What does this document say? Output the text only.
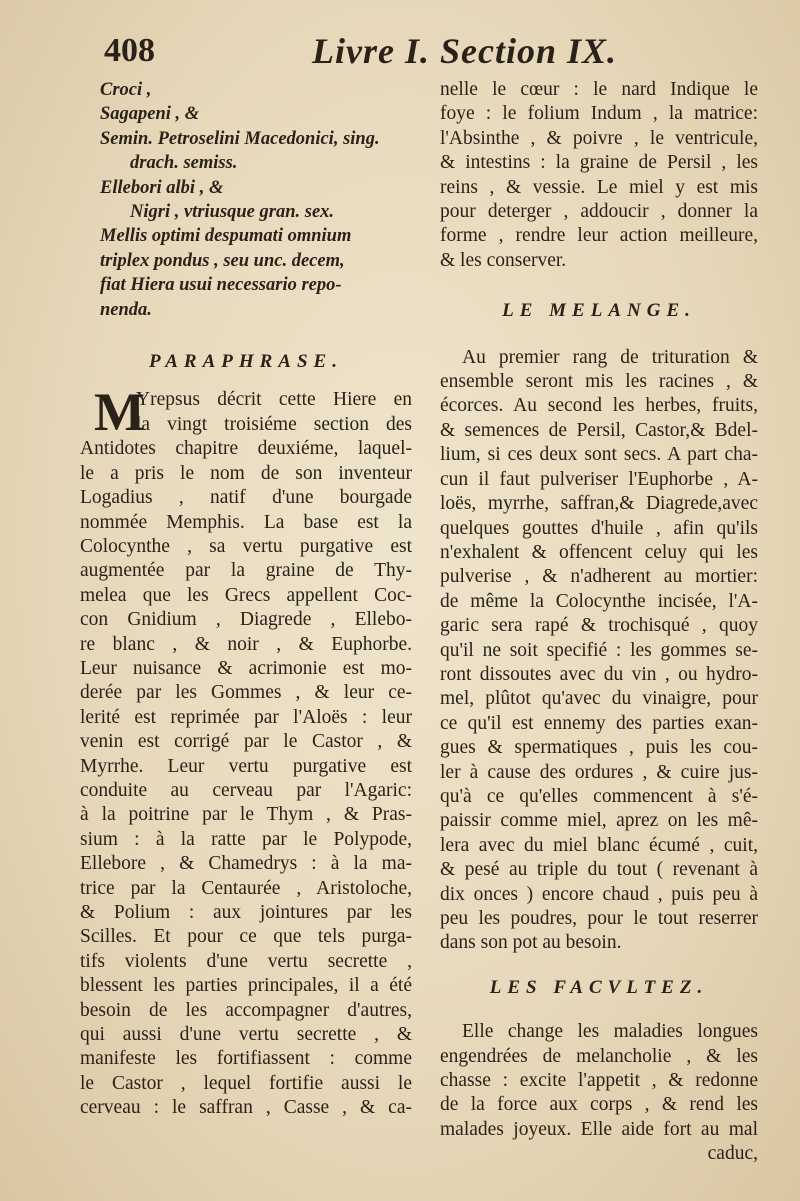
408	Livre I. Section IX.
Croci ,
Sagapeni , &
Semin. Petroselini Macedonici, sing.
drach. semiss.
Ellebori albi , &
Nigri , vtriusque gran. sex.
Mellis optimi despumati omnium
triplex pondus , seu unc. decem,
fiat Hiera usui necessario repo-
nenda.
PARAPHRASE.
M
Yrepsus décrit cette Hiere en
la vingt troisiéme section des
Antidotes chapitre deuxiéme, laquel-
le a pris le nom de son inventeur
Logadius , natif d'une bourgade
nommée Memphis. La base est la
Colocynthe , sa vertu purgative est
augmentée par la graine de Thy-
melea que les Grecs appellent Coc-
con Gnidium , Diagrede , Ellebo-
re blanc , & noir , & Euphorbe.
Leur nuisance & acrimonie est mo-
derée par les Gommes , & leur ce-
lerité est reprimée par l'Aloës : leur
venin est corrigé par le Castor , &
Myrrhe. Leur vertu purgative est
conduite au cerveau par l'Agaric:
à la poitrine par le Thym , & Pras-
sium : à la ratte par le Polypode,
Ellebore , & Chamedrys : à la ma-
trice par la Centaurée , Aristoloche,
& Polium : aux jointures par les
Scilles. Et pour ce que tels purga-
tifs violents d'une vertu secrette ,
blessent les parties principales, il a été
besoin de les accompagner d'autres,
qui aussi d'une vertu secrette , &
manifeste les fortifiassent : comme
le Castor , lequel fortifie aussi le
cerveau : le saffran , Casse , & ca-
nelle le cœur : le nard Indique le
foye : le folium Indum , la matrice:
l'Absinthe , & poivre , le ventricule,
& intestins : la graine de Persil , les
reins , & vessie. Le miel y est mis
pour deterger , addoucir , donner la
forme , rendre leur action meilleure,
& les conserver.
LE MELANGE.
Au premier rang de trituration &
ensemble seront mis les racines , &
écorces. Au second les herbes, fruits,
& semences de Persil, Castor,& Bdel-
lium, si ces deux sont secs. A part cha-
cun il faut pulveriser l'Euphorbe , A-
loës, myrrhe, saffran,& Diagrede,avec
quelques gouttes d'huile , afin qu'ils
n'exhalent & offencent celuy qui les
pulverise , & n'adherent au mortier:
de même la Colocynthe incisée, l'A-
garic sera rapé & trochisqué , quoy
qu'il ne soit specifié : les gommes se-
ront dissoutes avec du vin , ou hydro-
mel, plûtot qu'avec du vinaigre, pour
ce qu'il est ennemy des parties exan-
gues & spermatiques , puis les cou-
ler à cause des ordures , & cuire jus-
qu'à ce qu'elles commencent à s'é-
paissir comme miel, aprez on les mê-
lera avec du miel blanc écumé , cuit,
& pesé au triple du tout ( revenant à
dix onces ) encore chaud , puis peu à
peu les poudres, pour le tout reserrer
dans son pot au besoin.
LES FACVLTEZ.
Elle change les maladies longues
engendrées de melancholie , & les
chasse : excite l'appetit , & redonne
de la force aux corps , & rend les
malades joyeux. Elle aide fort au mal
caduc,
